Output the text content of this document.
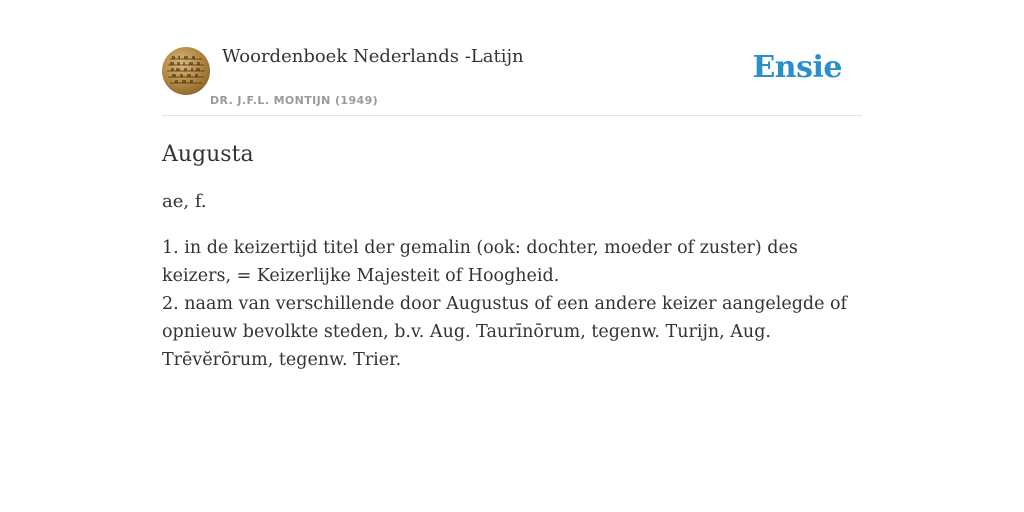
Woordenboek Nederlands -Latijn
DR. J.F.L. MONTIJN (1949)
Ensie
Augusta
ae, f.
1. in de keizertijd titel der gemalin (ook: dochter, moeder of zuster) des keizers, = Keizerlijke Majesteit of Hoogheid.
2. naam van verschillende door Augustus of een andere keizer aangelegde of opnieuw bevolkte steden, b.v. Aug. Taurīnōrum, tegenw. Turijn, Aug. Trēvĕrōrum, tegenw. Trier.
